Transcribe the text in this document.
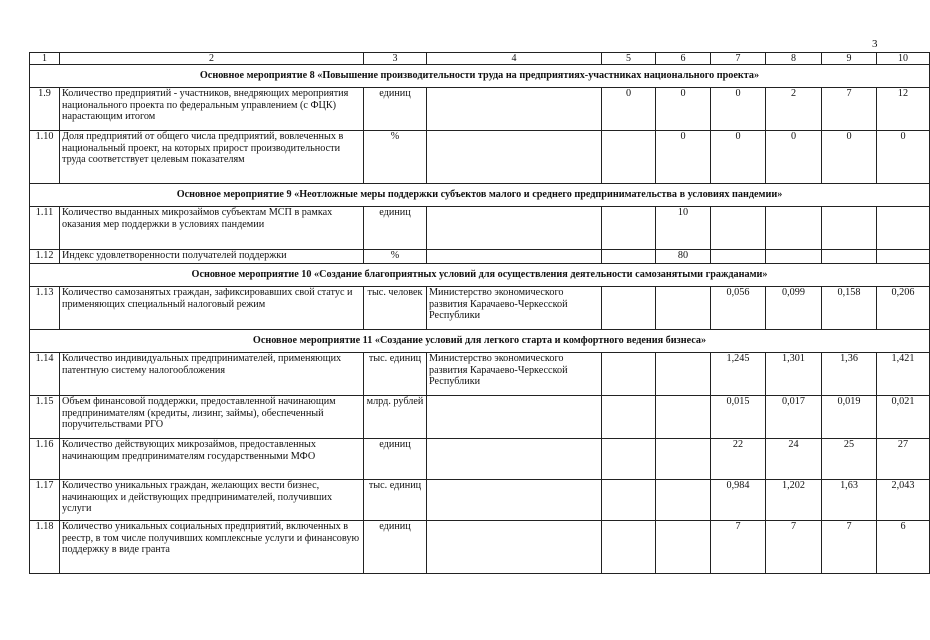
3
1	2	3	4	5	6	7	8	9	10
Основное мероприятие 8 «Повышение производительности труда на предприятиях-участниках национального проекта»									
1.9	Количество предприятий - участников, внедряющих мероприятия национального проекта по федеральным управлением (с ФЦК) нарастающим итогом	единиц		0	0	0	2	7	12
1.10	Доля предприятий от общего числа предприятий, вовлеченных в национальный проект, на которых прирост производительности труда соответствует целевым показателям	%			0	0	0	0	0
Основное мероприятие 9 «Неотложные меры поддержки субъектов малого и среднего предпринимательства в условиях пандемии»									
1.11	Количество выданных микрозаймов субъектам МСП в рамках оказания мер поддержки в условиях пандемии	единиц			10				
1.12	Индекс удовлетворенности получателей поддержки	%			80				
Основное мероприятие 10 «Создание благоприятных условий для осуществления деятельности самозанятыми гражданами»									
1.13	Количество самозанятых граждан, зафиксировавших свой статус и применяющих специальный налоговый режим	тыс. человек	Министерство экономического развития Карачаево-Черкесской Республики			0,056	0,099	0,158	0,206
Основное мероприятие 11 «Создание условий для легкого старта и комфортного ведения бизнеса»									
1.14	Количество индивидуальных предпринимателей, применяющих патентную систему налогообложения	тыс. единиц	Министерство экономического развития Карачаево-Черкесской Республики			1,245	1,301	1,36	1,421
1.15	Объем финансовой поддержки, предоставленной начинающим предпринимателям (кредиты, лизинг, займы), обеспеченный поручительствами РГО	млрд. рублей				0,015	0,017	0,019	0,021
1.16	Количество действующих микрозаймов, предоставленных начинающим предпринимателям государственными МФО	единиц				22	24	25	27
1.17	Количество уникальных граждан, желающих вести бизнес, начинающих и действующих предпринимателей, получивших услуги	тыс. единиц				0,984	1,202	1,63	2,043
1.18	Количество уникальных социальных предприятий, включенных в реестр, в том числе получивших комплексные услуги и финансовую поддержку в виде гранта	единиц				7	7	7	6
